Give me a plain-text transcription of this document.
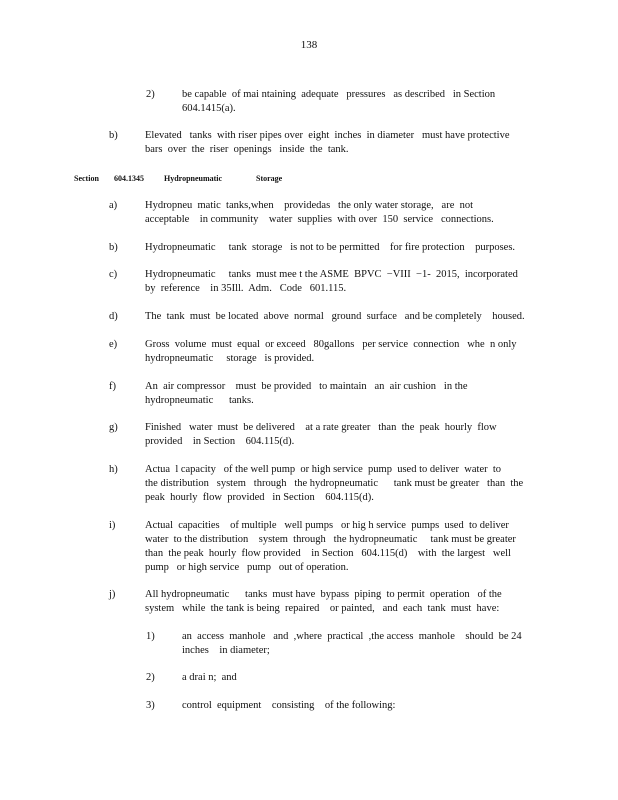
138
2)	be capable  of mai ntaining  adequate   pressures   as described   in Section
604.1415(a).
b)	Elevated   tanks  with riser pipes over  eight  inches  in diameter   must have protective
bars  over  the  riser  openings   inside  the  tank.
Section 604.1345	Hydropneumatic	Storage
a)	Hydropneu  matic  tanks,when    providedas   the only water storage,   are  not
acceptable    in community    water  supplies  with over  150  service   connections.
b)	Hydropneumatic     tank  storage   is not to be permitted    for fire protection    purposes.
c)	Hydropneumatic     tanks  must mee t the ASME  BPVC  −VIII  −1-  2015,  incorporated
by  reference    in 35Ill.  Adm.   Code   601.115.
d)	The  tank  must  be located  above  normal   ground  surface   and be completely    housed.
e)	Gross  volume  must  equal  or exceed   80gallons   per service  connection   whe  n only
hydropneumatic     storage   is provided.
f)	An  air compressor    must  be provided   to maintain   an  air cushion   in the
hydropneumatic      tanks.
g)	Finished   water  must  be delivered    at a rate greater   than  the  peak  hourly  flow
provided    in Section    604.115(d).
h)	Actua  l capacity   of the well pump  or high service  pump  used to deliver  water  to
the distribution   system   through   the hydropneumatic      tank must be greater   than  the
peak  hourly  flow  provided   in Section    604.115(d).
i)	Actual  capacities    of multiple   well pumps   or hig h service  pumps  used  to deliver
water  to the distribution    system  through   the hydropneumatic     tank must be greater
than  the peak  hourly  flow provided    in Section   604.115(d)    with  the largest   well
pump   or high service   pump   out of operation.
j)	All hydropneumatic      tanks  must have  bypass  piping  to permit  operation   of the
system   while  the tank is being  repaired    or painted,   and  each  tank  must  have:
1)	an  access  manhole   and  ,where  practical  ,the access  manhole    should  be 24
inches    in diameter;
2)	a drai n;  and
3)	control  equipment    consisting    of the following:
